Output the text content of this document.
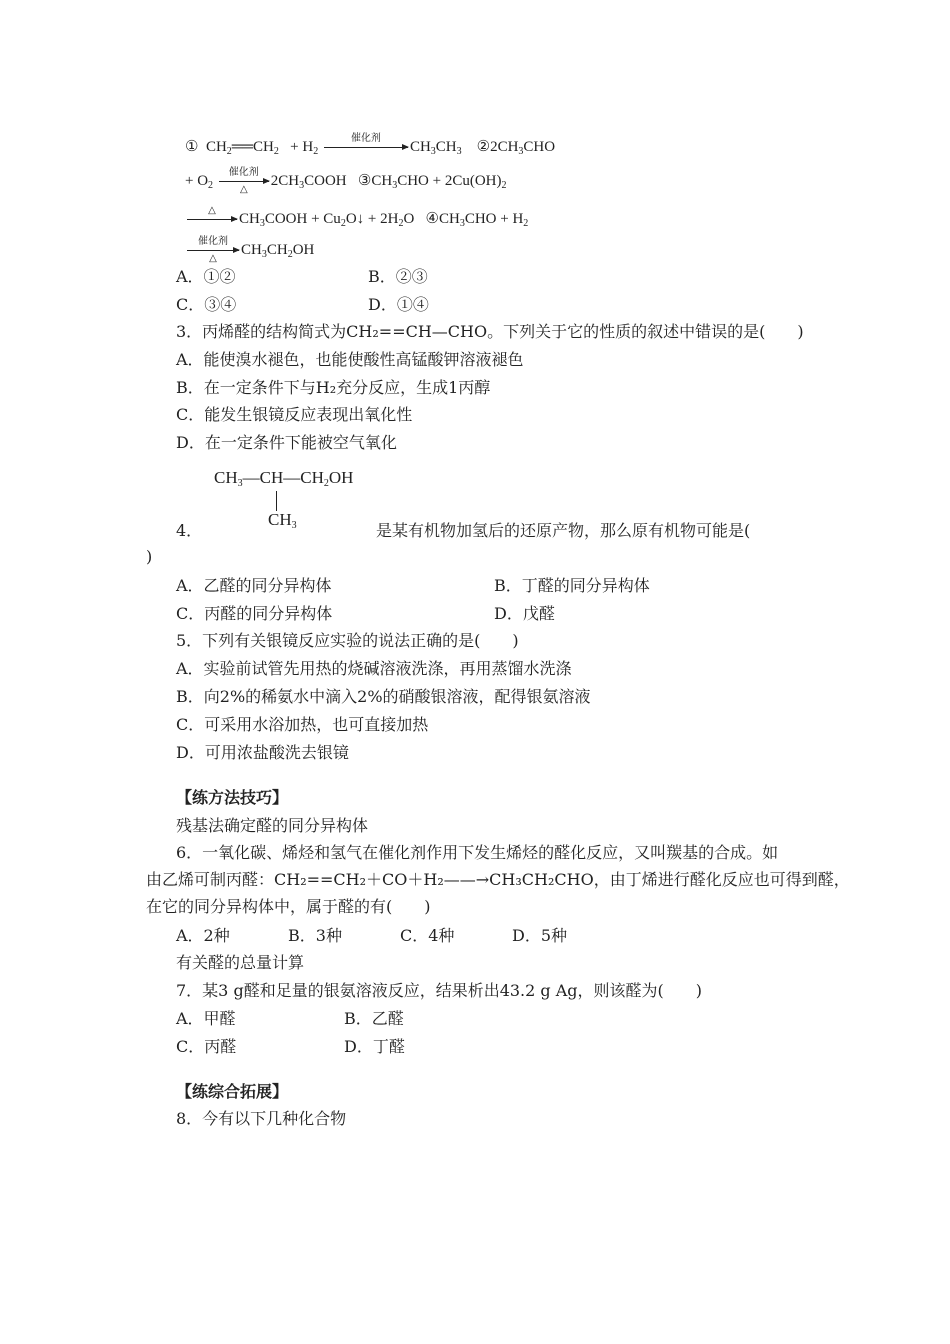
① $CH_2══CH_2 + H_2$
催化剂
$CH_3CH_3$ $②2CH_3CHO$
+ $O_2$
催化剂
△
$2CH_3COOH$ $③CH_3CHO + 2Cu(OH)_2$
△
$CH_3COOH$ + $Cu_2O↓ + 2H_2O$ $④CH_3CHO + H_2$
催化剂
△
$CH_3CH_2OH$
A．①②	B．②③
C．③④	D．①④
3．丙烯醛的结构简式为CH₂==CH—CHO。下列关于它的性质的叙述中错误的是(　　)
A．能使溴水褪色，也能使酸性高锰酸钾溶液褪色
B．在一定条件下与H₂充分反应，生成1丙醇
C．能发生银镜反应表现出氧化性
D．在一定条件下能被空气氧化
$CH_3—CH—CH_2OH$
$CH_3$
4．	是某有机物加氢后的还原产物，那么原有机物可能是(
)
A．乙醛的同分异构体	B．丁醛的同分异构体
C．丙醛的同分异构体	D．戊醛
5．下列有关银镜反应实验的说法正确的是(　　)
A．实验前试管先用热的烧碱溶液洗涤，再用蒸馏水洗涤
B．向2%的稀氨水中滴入2%的硝酸银溶液，配得银氨溶液
C．可采用水浴加热，也可直接加热
D．可用浓盐酸洗去银镜
【练方法技巧】
残基法确定醛的同分异构体
6．一氧化碳、烯烃和氢气在催化剂作用下发生烯烃的醛化反应，又叫羰基的合成。如
由乙烯可制丙醛：CH₂==CH₂＋CO＋H₂——→CH₃CH₂CHO，由丁烯进行醛化反应也可得到醛，
在它的同分异构体中，属于醛的有(　　)
A．2种	B．3种	C．4种	D．5种
有关醛的总量计算
7．某3 g醛和足量的银氨溶液反应，结果析出43.2 g Ag，则该醛为(　　)
A．甲醛	B．乙醛
C．丙醛	D．丁醛
【练综合拓展】
8．今有以下几种化合物
